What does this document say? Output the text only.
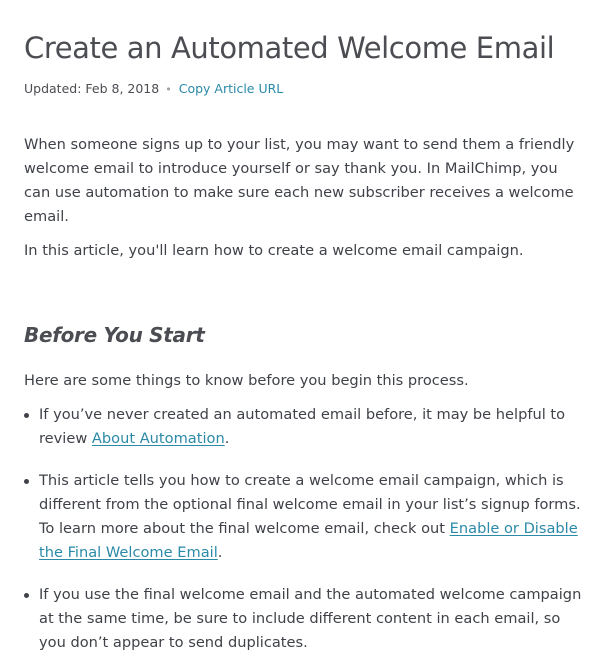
Create an Automated Welcome Email
Updated: Feb 8, 2018 • Copy Article URL

When someone signs up to your list, you may want to send them a friendly welcome email to introduce yourself or say thank you. In MailChimp, you can use automation to make sure each new subscriber receives a welcome email.

In this article, you'll learn how to create a welcome email campaign.

Before You Start

Here are some things to know before you begin this process.

If you’ve never created an automated email before, it may be helpful to review About Automation.
This article tells you how to create a welcome email campaign, which is different from the optional final welcome email in your list’s signup forms. To learn more about the final welcome email, check out Enable or Disable the Final Welcome Email.
If you use the final welcome email and the automated welcome campaign at the same time, be sure to include different content in each email, so you don’t appear to send duplicates.
